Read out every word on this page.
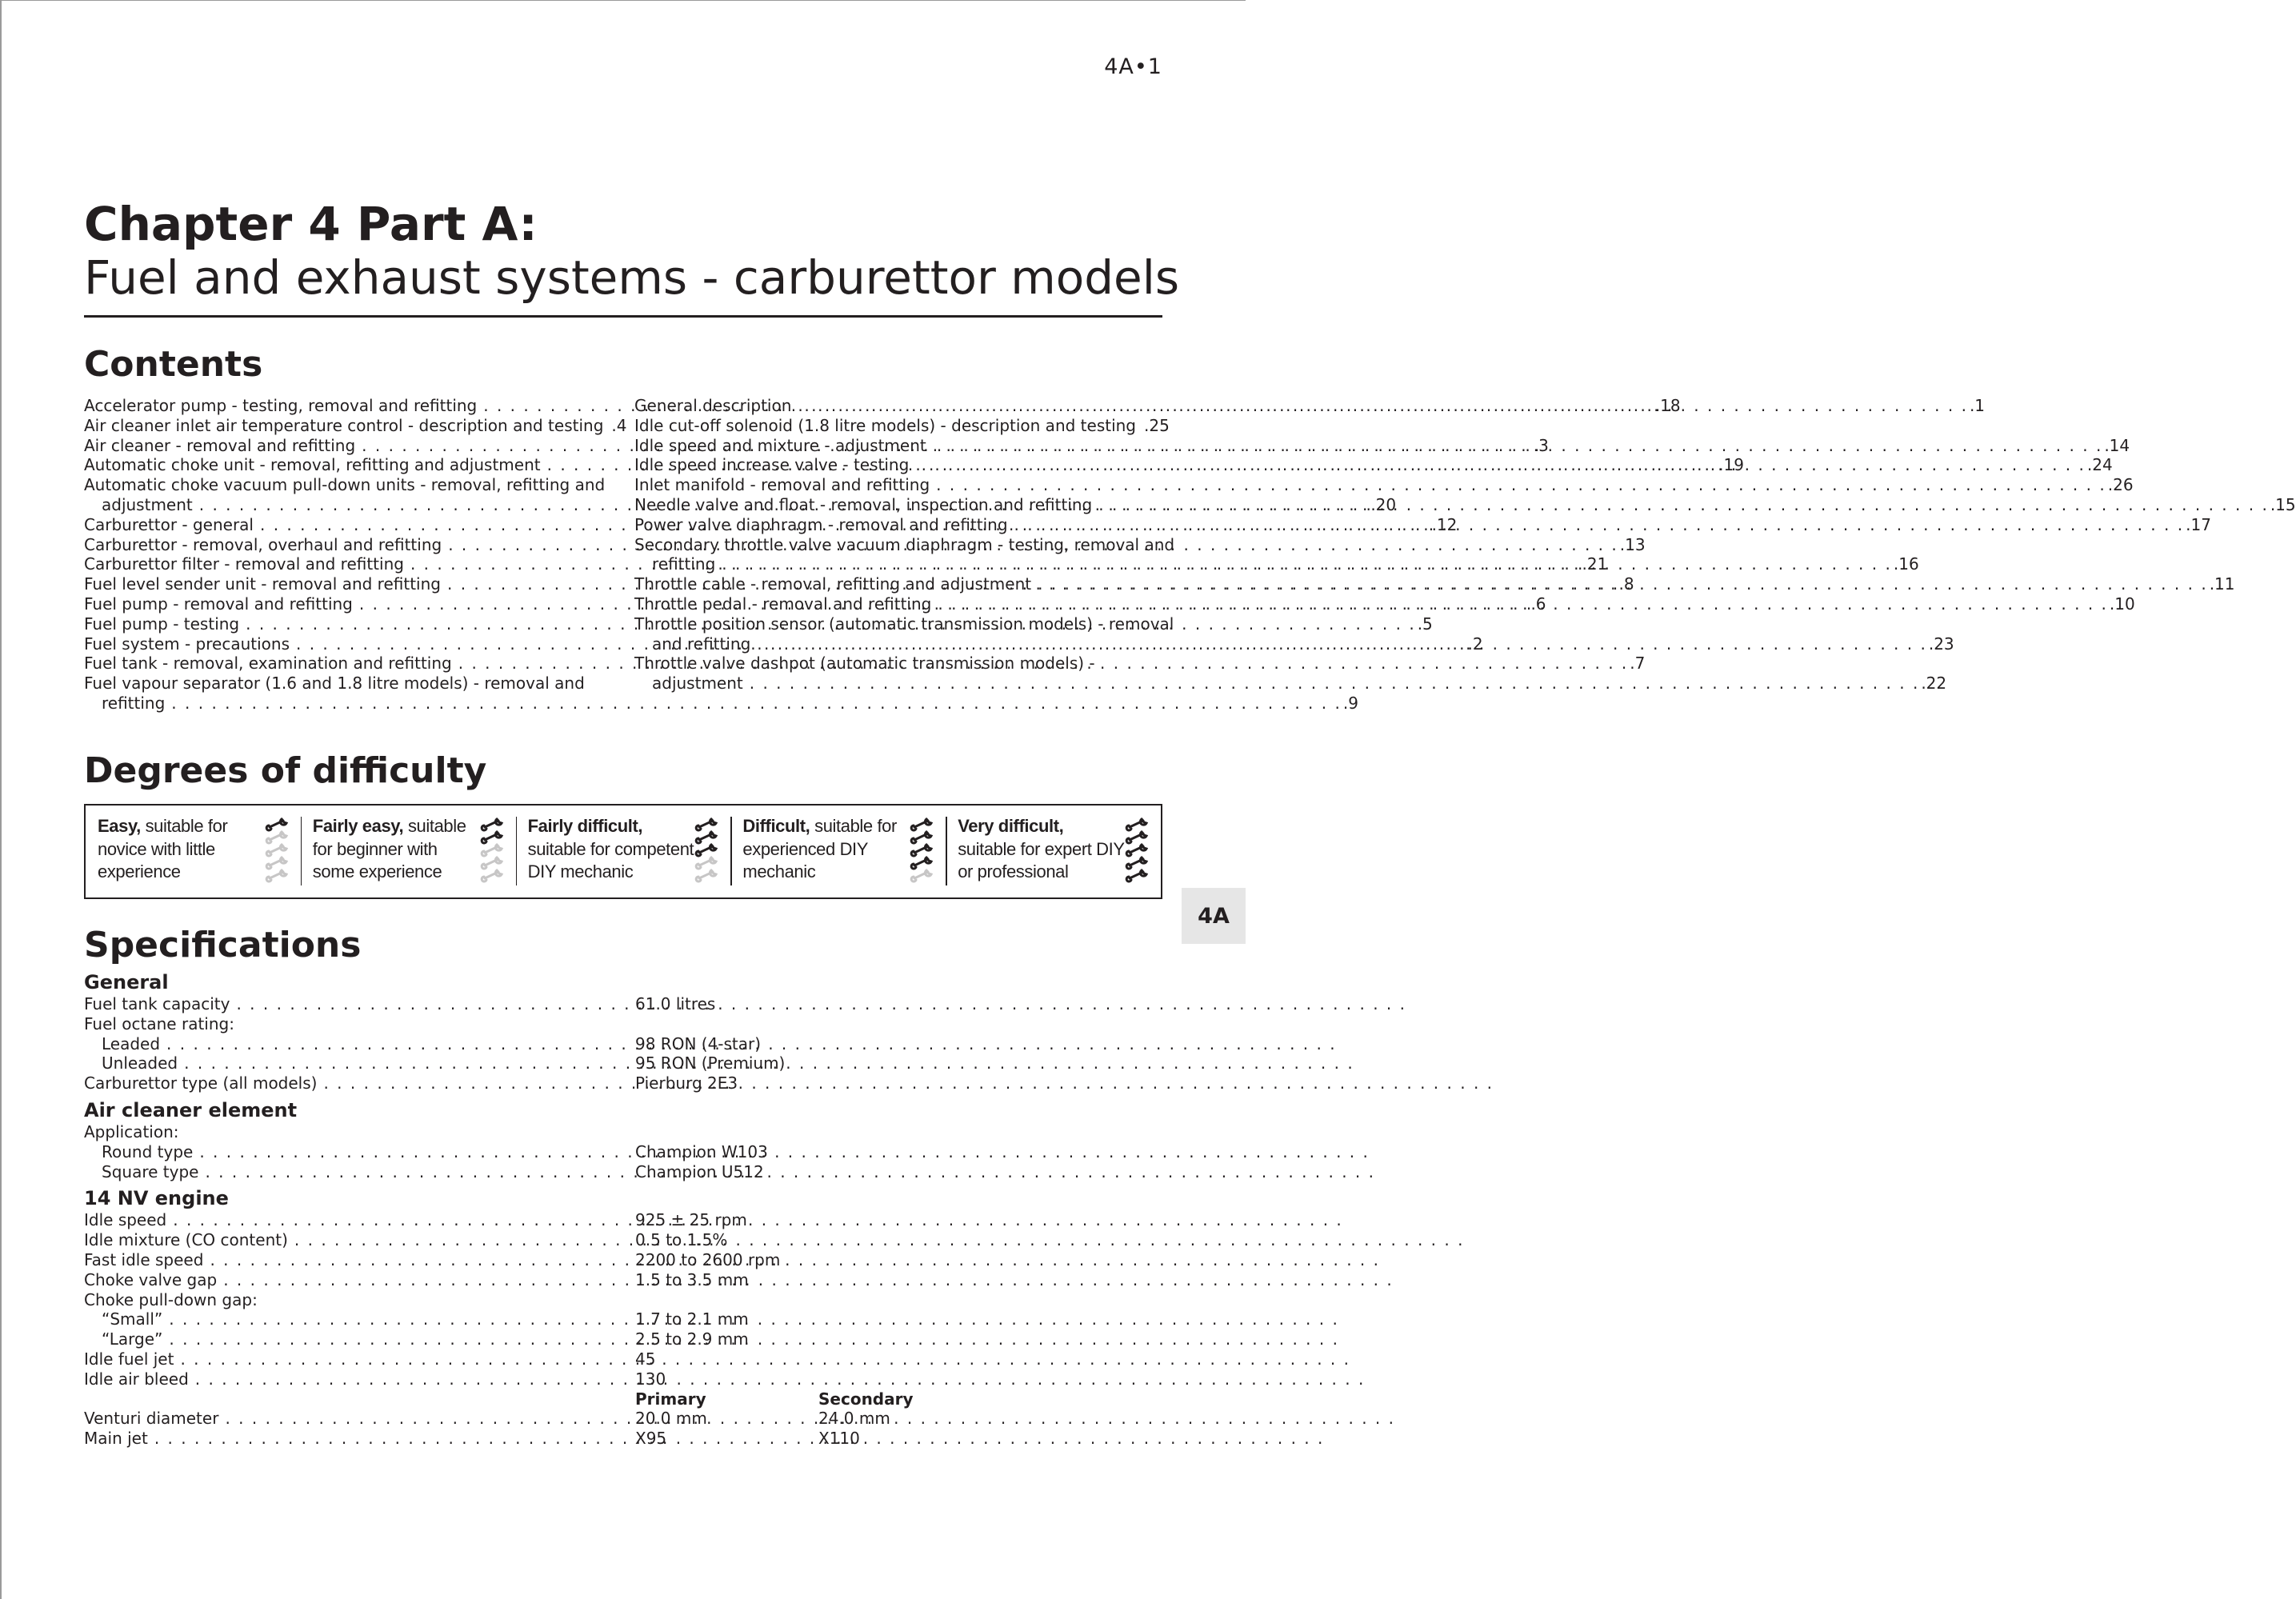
4A•1
Chapter 4 Part A:
Fuel and exhaust systems - carburettor models
Contents
Accelerator pump - testing, removal and refitting . . .	.18
Air cleaner inlet air temperature control - description and testing .4
Air cleaner - removal and refitting . . .	.3
Automatic choke unit - removal, refitting and adjustment . . .	.19
Automatic choke vacuum pull-down units - removal, refitting and
adjustment . . .	.20
Carburettor - general . . .	.12
Carburettor - removal, overhaul and refitting . . .	.13
Carburettor filter - removal and refitting . . .	.21
Fuel level sender unit - removal and refitting . . .	.8
Fuel pump - removal and refitting . . .	.6
Fuel pump - testing . . .	.5
Fuel system - precautions . . .	.2
Fuel tank - removal, examination and refitting . . .	.7
Fuel vapour separator (1.6 and 1.8 litre models) - removal and
refitting . . .	.9
General description . . .	.1
Idle cut-off solenoid (1.8 litre models) - description and testing .25
Idle speed and mixture - adjustment . . .	.14
Idle speed increase valve - testing . . .	.24
Inlet manifold - removal and refitting . . .	.26
Needle valve and float - removal, inspection and refitting . . .	.15
Power valve diaphragm - removal and refitting . . .	.17
Secondary throttle valve vacuum diaphragm - testing, removal and
refitting . . .	.16
Throttle cable - removal, refitting and adjustment . . .	.11
Throttle pedal - removal and refitting . . .	.10
Throttle position sensor (automatic transmission models) - removal
and refitting . . .	.23
Throttle valve dashpot (automatic transmission models) -
adjustment . . .	.22
Degrees of difficulty
Easy, suitable for novice with little experience
Fairly easy, suitable for beginner with some experience
Fairly difficult, suitable for competent DIY mechanic
Difficult, suitable for experienced DIY mechanic
Very difficult, suitable for expert DIY or professional
4A
Specifications
General
Fuel tank capacity . . .	61.0 litres
Fuel octane rating:
Leaded . . .	98 RON (4-star)
Unleaded . . .	95 RON (Premium)
Carburettor type (all models) . . .	Pierburg 2E3
Air cleaner element
Application:
Round type . . .	Champion W103
Square type . . .	Champion U512
14 NV engine
Idle speed . . .	925 ± 25 rpm
Idle mixture (CO content) . . .	0.5 to 1.5%
Fast idle speed . . .	2200 to 2600 rpm
Choke valve gap . . .	1.5 to 3.5 mm
Choke pull-down gap:
“Small” . . .	1.7 to 2.1 mm
“Large” . . .	2.5 to 2.9 mm
Idle fuel jet . . .	45
Idle air bleed . . .	130
Primary	Secondary
Venturi diameter . . .	20.0 mm	24.0 mm
Main jet . . .	X95	X110
